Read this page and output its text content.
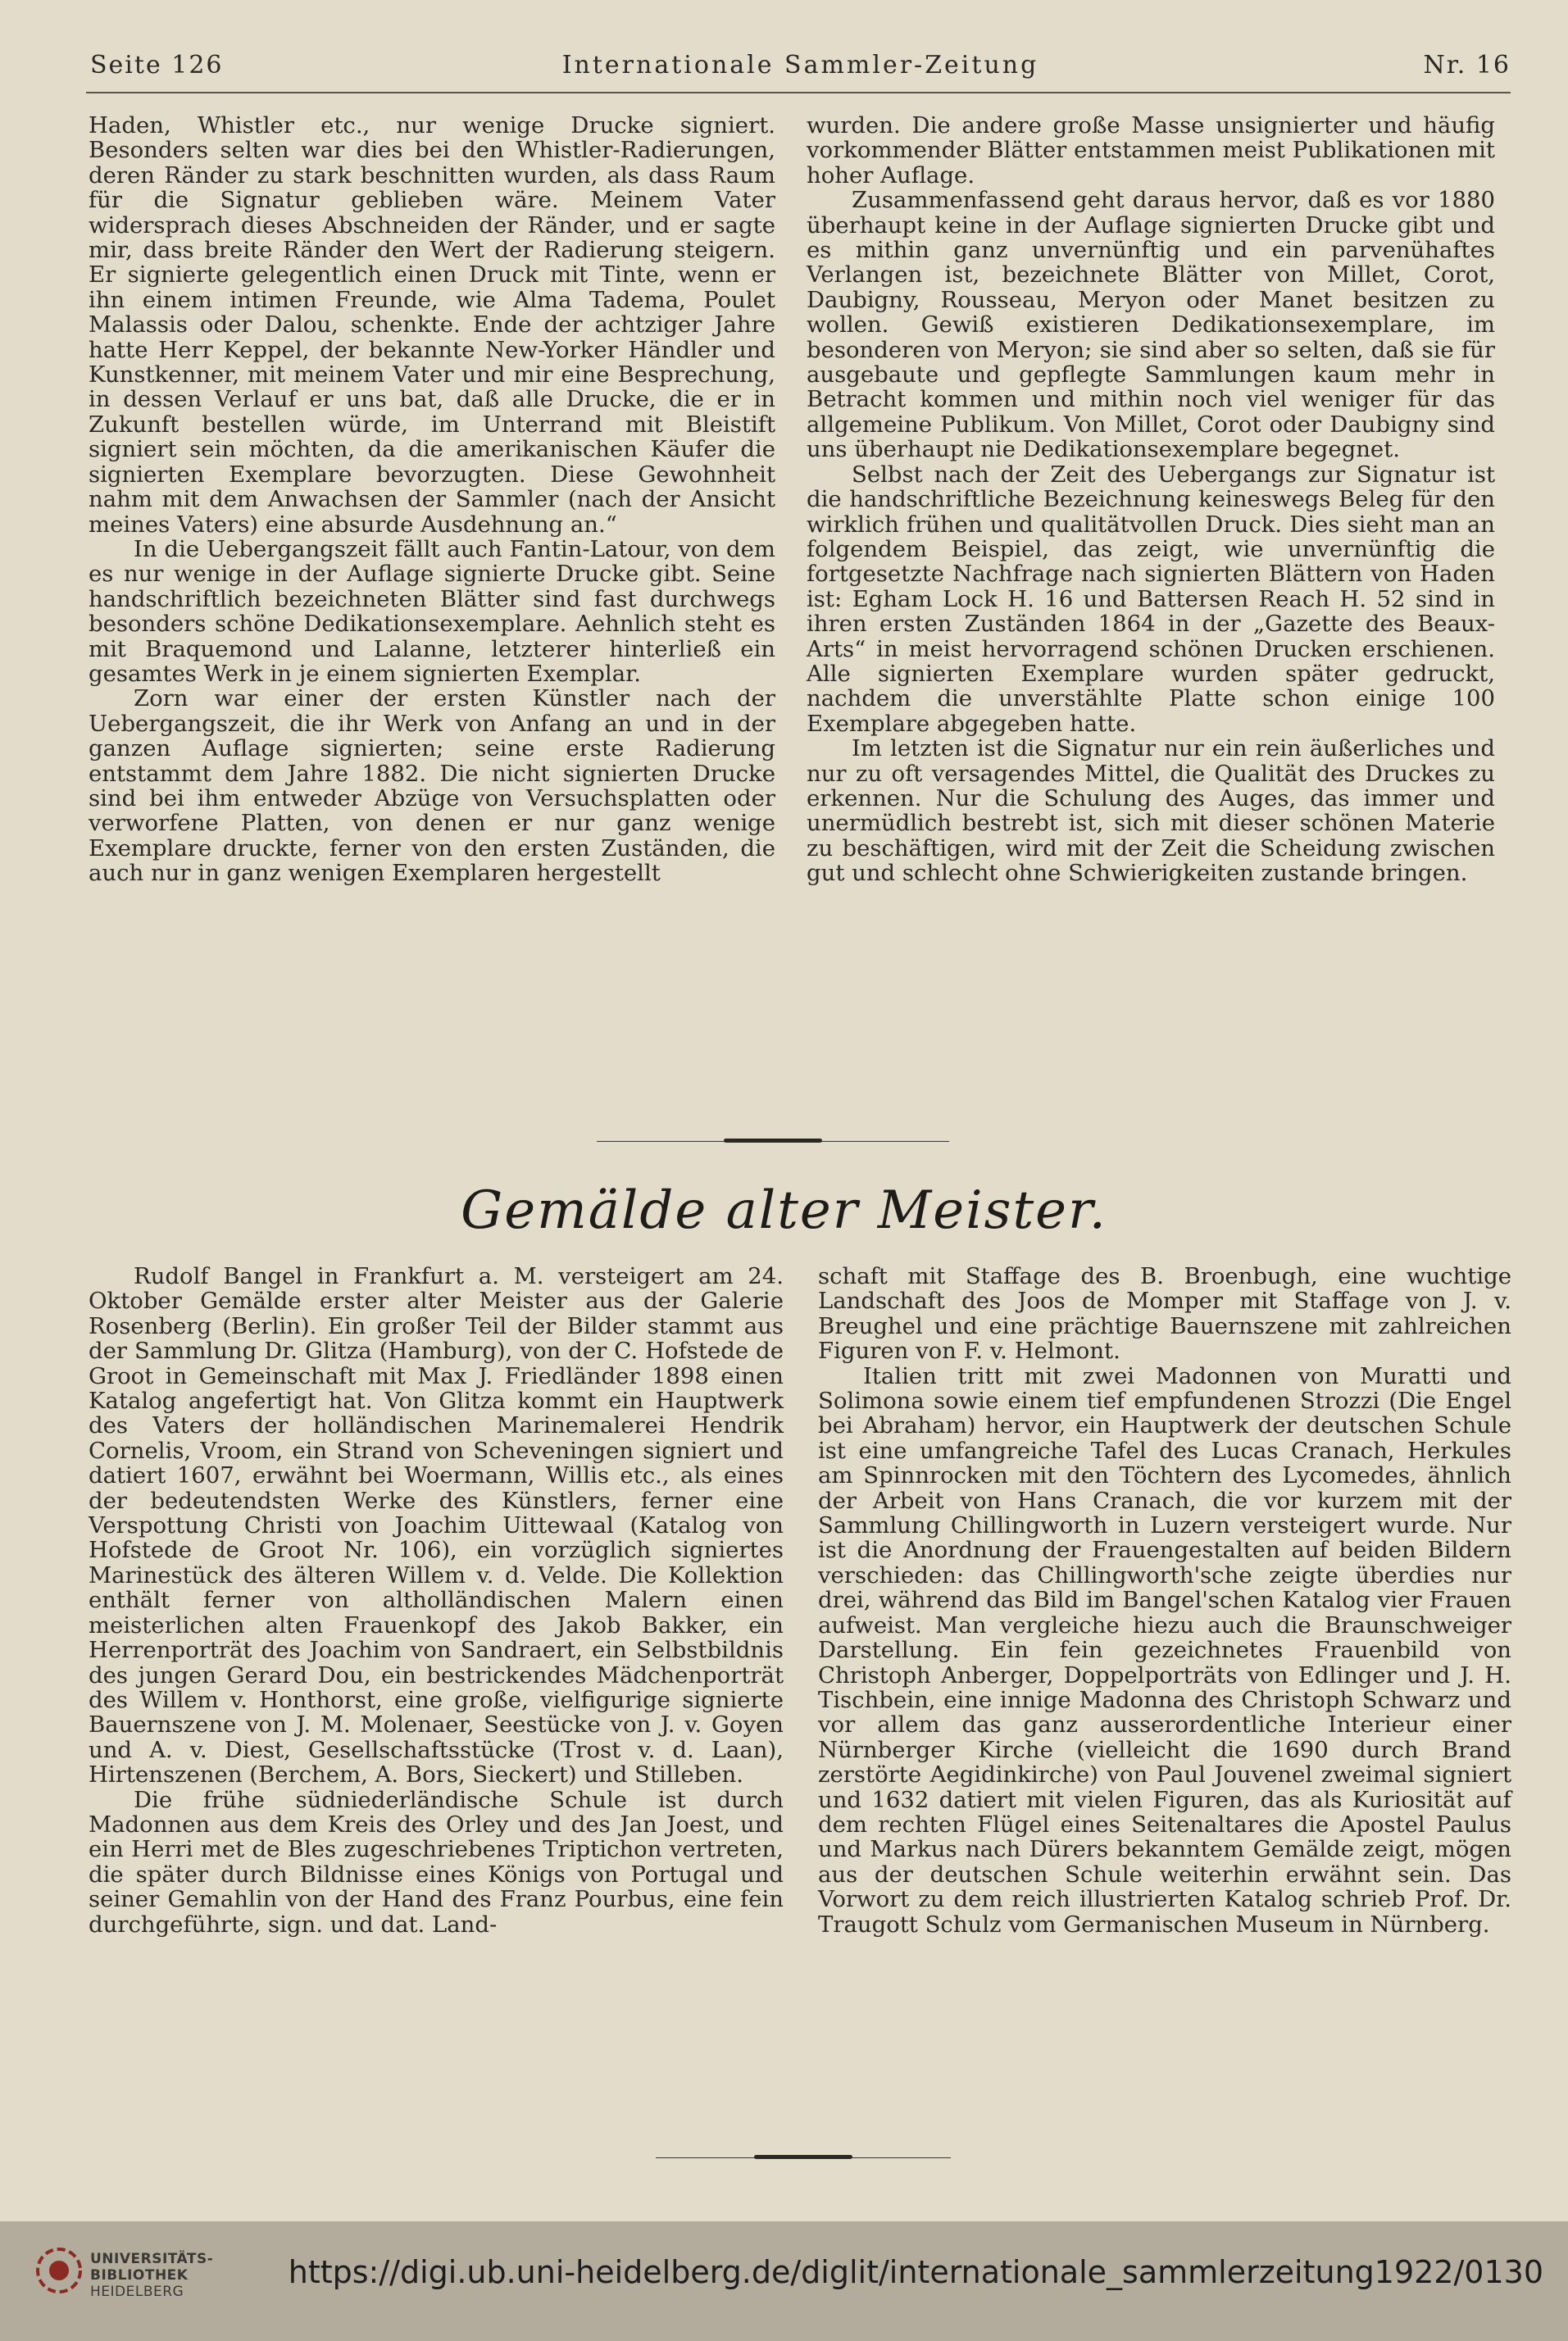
Seite 126	Internationale Sammler-Zeitung	Nr. 16

Haden, Whistler etc., nur wenige Drucke signiert. Besonders selten war dies bei den Whistler-Radierungen, deren Ränder zu stark beschnitten wurden, als dass Raum für die Signatur geblieben wäre. Meinem Vater widersprach dieses Abschneiden der Ränder, und er sagte mir, dass breite Ränder den Wert der Radierung steigern. Er signierte gelegentlich einen Druck mit Tinte, wenn er ihn einem intimen Freunde, wie Alma Tadema, Poulet Malassis oder Dalou, schenkte. Ende der achtziger Jahre hatte Herr Keppel, der bekannte New-Yorker Händler und Kunstkenner, mit meinem Vater und mir eine Besprechung, in dessen Verlauf er uns bat, daß alle Drucke, die er in Zukunft bestellen würde, im Unterrand mit Bleistift signiert sein möchten, da die amerikanischen Käufer die signierten Exemplare bevorzugten. Diese Gewohnheit nahm mit dem Anwachsen der Sammler (nach der Ansicht meines Vaters) eine absurde Ausdehnung an.“

In die Uebergangszeit fällt auch Fantin-Latour, von dem es nur wenige in der Auflage signierte Drucke gibt. Seine handschriftlich bezeichneten Blätter sind fast durchwegs besonders schöne Dedikationsexemplare. Aehnlich steht es mit Braquemond und Lalanne, letzterer hinterließ ein gesamtes Werk in je einem signierten Exemplar.

Zorn war einer der ersten Künstler nach der Uebergangszeit, die ihr Werk von Anfang an und in der ganzen Auflage signierten; seine erste Radierung entstammt dem Jahre 1882. Die nicht signierten Drucke sind bei ihm entweder Abzüge von Versuchsplatten oder verworfene Platten, von denen er nur ganz wenige Exemplare druckte, ferner von den ersten Zuständen, die auch nur in ganz wenigen Exemplaren hergestellt

wurden. Die andere große Masse unsignierter und häufig vorkommender Blätter entstammen meist Publikationen mit hoher Auflage.

Zusammenfassend geht daraus hervor, daß es vor 1880 überhaupt keine in der Auflage signierten Drucke gibt und es mithin ganz unvernünftig und ein parvenühaftes Verlangen ist, bezeichnete Blätter von Millet, Corot, Daubigny, Rousseau, Meryon oder Manet besitzen zu wollen. Gewiß existieren Dedikationsexemplare, im besonderen von Meryon; sie sind aber so selten, daß sie für ausgebaute und gepflegte Sammlungen kaum mehr in Betracht kommen und mithin noch viel weniger für das allgemeine Publikum. Von Millet, Corot oder Daubigny sind uns überhaupt nie Dedikationsexemplare begegnet.

Selbst nach der Zeit des Uebergangs zur Signatur ist die handschriftliche Bezeichnung keineswegs Beleg für den wirklich frühen und qualitätvollen Druck. Dies sieht man an folgendem Beispiel, das zeigt, wie unvernünftig die fortgesetzte Nachfrage nach signierten Blättern von Haden ist: Egham Lock H. 16 und Battersen Reach H. 52 sind in ihren ersten Zuständen 1864 in der „Gazette des Beaux-Arts“ in meist hervorragend schönen Drucken erschienen. Alle signierten Exemplare wurden später gedruckt, nachdem die unverstählte Platte schon einige 100 Exemplare abgegeben hatte.

Im letzten ist die Signatur nur ein rein äußerliches und nur zu oft versagendes Mittel, die Qualität des Druckes zu erkennen. Nur die Schulung des Auges, das immer und unermüdlich bestrebt ist, sich mit dieser schönen Materie zu beschäftigen, wird mit der Zeit die Scheidung zwischen gut und schlecht ohne Schwierigkeiten zustande bringen.

Gemälde alter Meister.

Rudolf Bangel in Frankfurt a. M. versteigert am 24. Oktober Gemälde erster alter Meister aus der Galerie Rosenberg (Berlin). Ein großer Teil der Bilder stammt aus der Sammlung Dr. Glitza (Hamburg), von der C. Hofstede de Groot in Gemeinschaft mit Max J. Friedländer 1898 einen Katalog angefertigt hat. Von Glitza kommt ein Hauptwerk des Vaters der holländischen Marinemalerei Hendrik Cornelis, Vroom, ein Strand von Scheveningen signiert und datiert 1607, erwähnt bei Woermann, Willis etc., als eines der bedeutendsten Werke des Künstlers, ferner eine Verspottung Christi von Joachim Uittewaal (Katalog von Hofstede de Groot Nr. 106), ein vorzüglich signiertes Marinestück des älteren Willem v. d. Velde. Die Kollektion enthält ferner von altholländischen Malern einen meisterlichen alten Frauenkopf des Jakob Bakker, ein Herrenporträt des Joachim von Sandraert, ein Selbstbildnis des jungen Gerard Dou, ein bestrickendes Mädchenporträt des Willem v. Honthorst, eine große, vielfigurige signierte Bauernszene von J. M. Molenaer, Seestücke von J. v. Goyen und A. v. Diest, Gesellschaftsstücke (Trost v. d. Laan), Hirtenszenen (Berchem, A. Bors, Sieckert) und Stilleben.

Die frühe südniederländische Schule ist durch Madonnen aus dem Kreis des Orley und des Jan Joest, und ein Herri met de Bles zugeschriebenes Triptichon vertreten, die später durch Bildnisse eines Königs von Portugal und seiner Gemahlin von der Hand des Franz Pourbus, eine fein durchgeführte, sign. und dat. Land-

schaft mit Staffage des B. Broenbugh, eine wuchtige Landschaft des Joos de Momper mit Staffage von J. v. Breughel und eine prächtige Bauernszene mit zahlreichen Figuren von F. v. Helmont.

Italien tritt mit zwei Madonnen von Muratti und Solimona sowie einem tief empfundenen Strozzi (Die Engel bei Abraham) hervor, ein Hauptwerk der deutschen Schule ist eine umfangreiche Tafel des Lucas Cranach, Herkules am Spinnrocken mit den Töchtern des Lycomedes, ähnlich der Arbeit von Hans Cranach, die vor kurzem mit der Sammlung Chillingworth in Luzern versteigert wurde. Nur ist die Anordnung der Frauengestalten auf beiden Bildern verschieden: das Chillingworth'sche zeigte überdies nur drei, während das Bild im Bangel'schen Katalog vier Frauen aufweist. Man vergleiche hiezu auch die Braunschweiger Darstellung. Ein fein gezeichnetes Frauenbild von Christoph Anberger, Doppelporträts von Edlinger und J. H. Tischbein, eine innige Madonna des Christoph Schwarz und vor allem das ganz ausserordentliche Interieur einer Nürnberger Kirche (vielleicht die 1690 durch Brand zerstörte Aegidinkirche) von Paul Jouvenel zweimal signiert und 1632 datiert mit vielen Figuren, das als Kuriosität auf dem rechten Flügel eines Seitenaltares die Apostel Paulus und Markus nach Dürers bekanntem Gemälde zeigt, mögen aus der deutschen Schule weiterhin erwähnt sein. Das Vorwort zu dem reich illustrierten Katalog schrieb Prof. Dr. Traugott Schulz vom Germanischen Museum in Nürnberg.

UNIVERSITÄTS-
BIBLIOTHEK
HEIDELBERG
https://digi.ub.uni-heidelberg.de/diglit/internationale_sammlerzeitung1922/0130
